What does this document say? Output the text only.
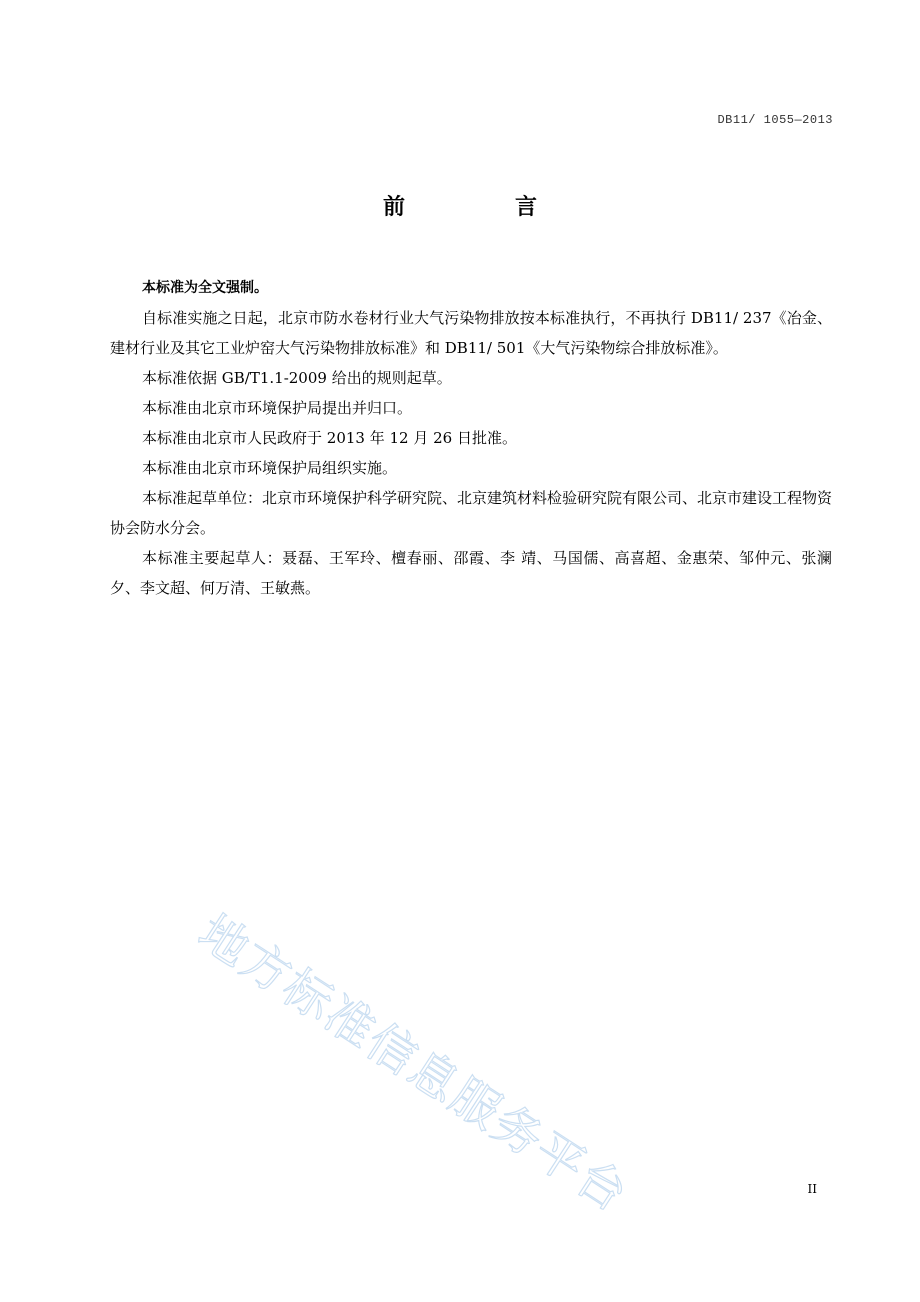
DB11/ 1055—2013
前　言

本标准为全文强制。

自标准实施之日起，北京市防水卷材行业大气污染物排放按本标准执行，不再执行 DB11/ 237《冶金、建材行业及其它工业炉窑大气污染物排放标准》和 DB11/ 501《大气污染物综合排放标准》。

本标准依据 GB/T1.1-2009 给出的规则起草。

本标准由北京市环境保护局提出并归口。

本标准由北京市人民政府于 2013 年 12 月 26 日批准。

本标准由北京市环境保护局组织实施。

本标准起草单位：北京市环境保护科学研究院、北京建筑材料检验研究院有限公司、北京市建设工程物资协会防水分会。

本标准主要起草人：聂磊、王军玲、檀春丽、邵霞、李 靖、马国儒、高喜超、金惠荣、邹仲元、张澜夕、李文超、何万清、王敏燕。

地方标准信息服务平台	II
